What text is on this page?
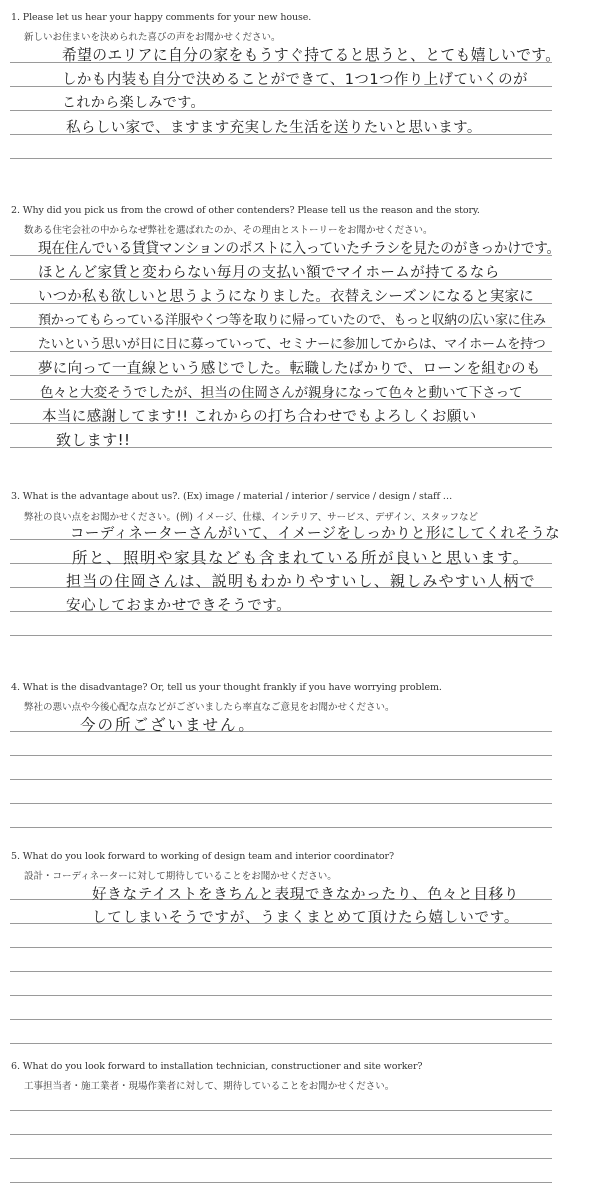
1. Please let us hear your happy comments for your new house.
新しいお住まいを決められた喜びの声をお聞かせください。
希望のエリアに自分の家をもうすぐ持てると思うと、とても嬉しいです。
しかも内装も自分で決めることができて、1つ1つ作り上げていくのが
これから楽しみです。
私らしい家で、ますます充実した生活を送りたいと思います。
2. Why did you pick us from the crowd of other contenders? Please tell us the reason and the story.
数ある住宅会社の中からなぜ弊社を選ばれたのか、その理由とストーリーをお聞かせください。
現在住んでいる賃貸マンションのポストに入っていたチラシを見たのがきっかけです。
ほとんど家賃と変わらない毎月の支払い額でマイホームが持てるなら
いつか私も欲しいと思うようになりました。衣替えシーズンになると実家に
預かってもらっている洋服やくつ等を取りに帰っていたので、もっと収納の広い家に住み
たいという思いが日に日に募っていって、セミナーに参加してからは、マイホームを持つ
夢に向って一直線という感じでした。転職したばかりで、ローンを組むのも
色々と大変そうでしたが、担当の住岡さんが親身になって色々と動いて下さって
本当に感謝してます!! これからの打ち合わせでもよろしくお願い
致します!!
3. What is the advantage about us?. (Ex) image / material / interior / service / design / staff …
弊社の良い点をお聞かせください。(例) イメージ、仕様、インテリア、サービス、デザイン、スタッフなど
コーディネーターさんがいて、イメージをしっかりと形にしてくれそうな
所と、照明や家具なども含まれている所が良いと思います。
担当の住岡さんは、説明もわかりやすいし、親しみやすい人柄で
安心しておまかせできそうです。
4. What is the disadvantage? Or, tell us your thought frankly if you have worrying problem.
弊社の悪い点や今後心配な点などがございましたら率直なご意見をお聞かせください。
今の所ございません。
5. What do you look forward to working of design team and interior coordinator?
設計・コーディネーターに対して期待していることをお聞かせください。
好きなテイストをきちんと表現できなかったり、色々と目移り
してしまいそうですが、うまくまとめて頂けたら嬉しいです。
6. What do you look forward to installation technician, constructioner and site worker?
工事担当者・施工業者・現場作業者に対して、期待していることをお聞かせください。
